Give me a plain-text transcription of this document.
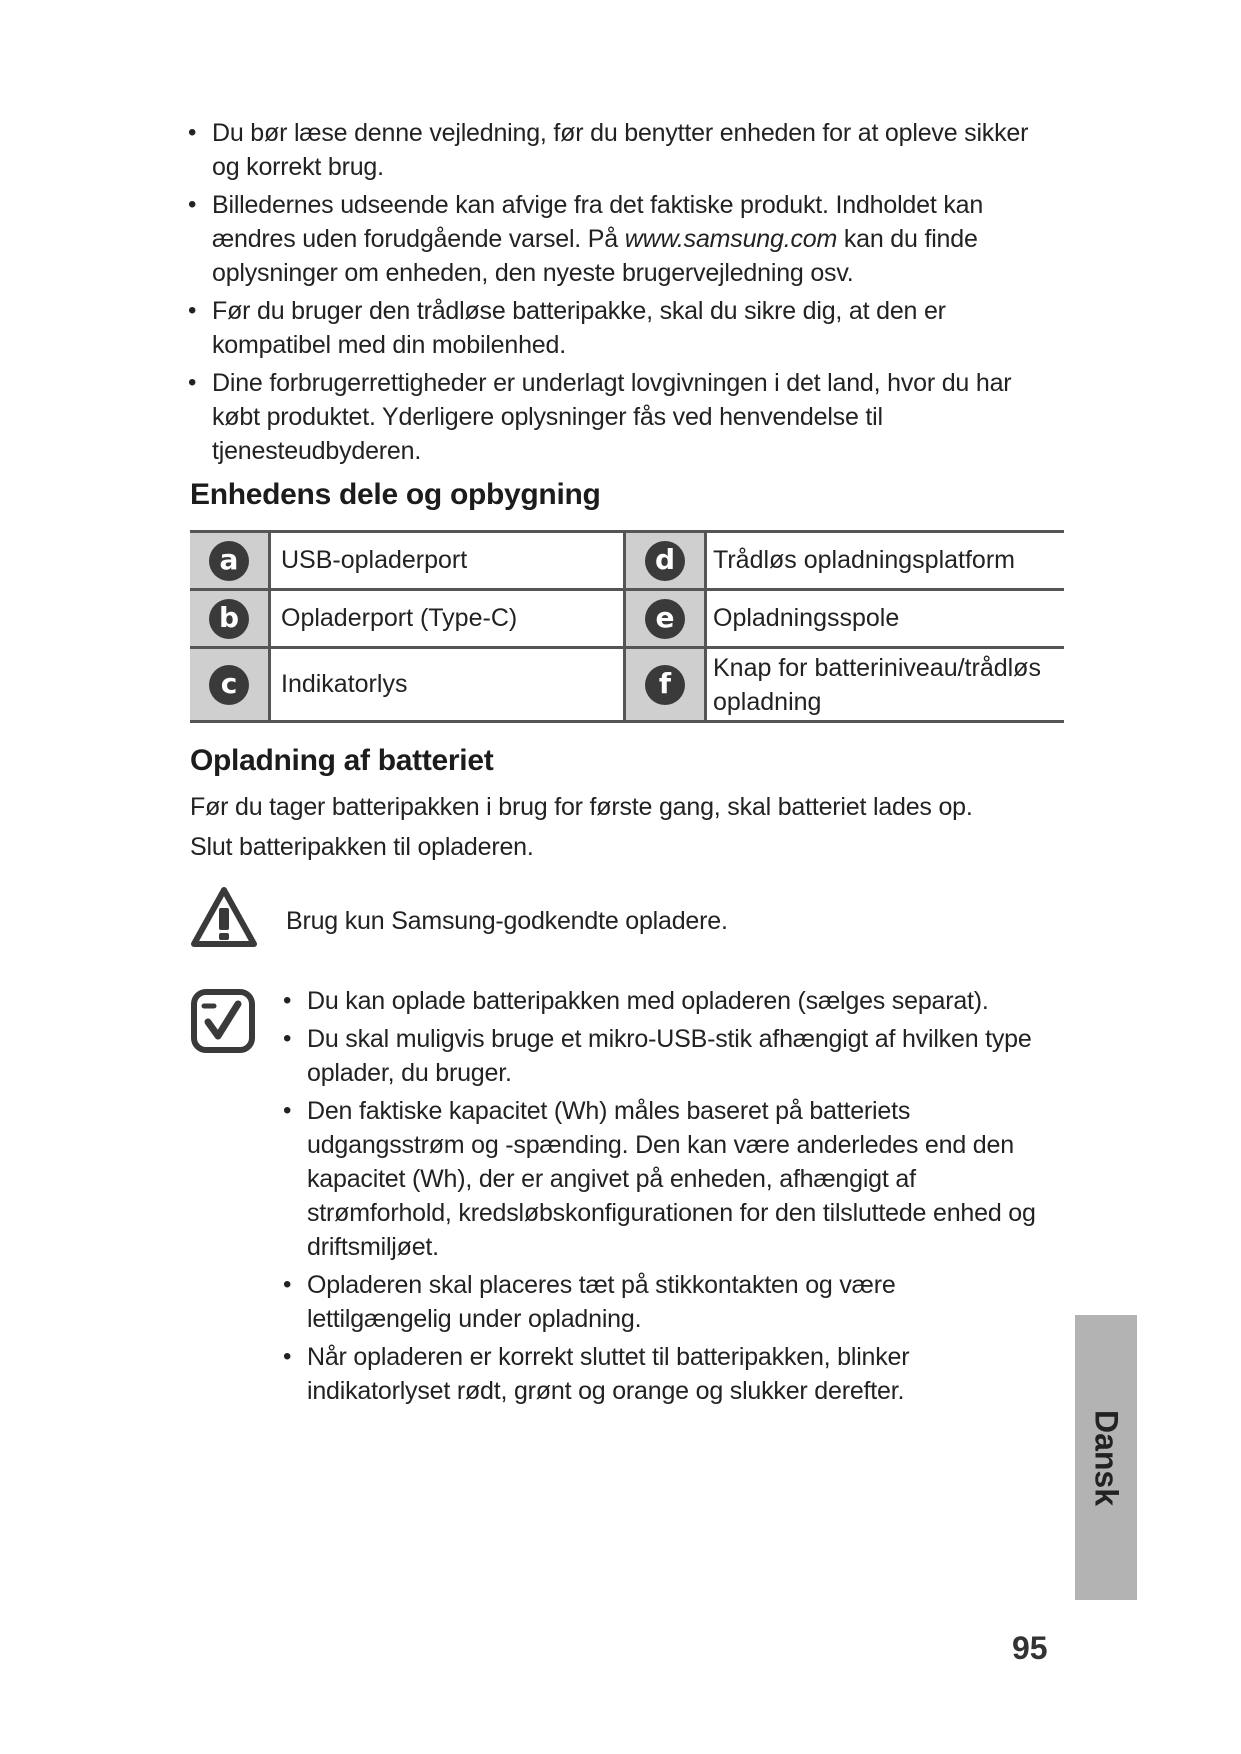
• Du bør læse denne vejledning, før du benytter enheden for at opleve sikker og korrekt brug.
• Billedernes udseende kan afvige fra det faktiske produkt. Indholdet kan ændres uden forudgående varsel. På www.samsung.com kan du finde oplysninger om enheden, den nyeste brugervejledning osv.
• Før du bruger den trådløse batteripakke, skal du sikre dig, at den er kompatibel med din mobilenhed.
• Dine forbrugerrettigheder er underlagt lovgivningen i det land, hvor du har købt produktet. Yderligere oplysninger fås ved henvendelse til tjenesteudbyderen.
Enhedens dele og opbygning
a	USB-opladerport	d	Trådløs opladningsplatform
b	Opladerport (Type-C)	e	Opladningsspole
c	Indikatorlys	f	Knap for batteriniveau/trådløs opladning
Opladning af batteriet
Før du tager batteripakken i brug for første gang, skal batteriet lades op.
Slut batteripakken til opladeren.
Brug kun Samsung-godkendte opladere.
• Du kan oplade batteripakken med opladeren (sælges separat).
• Du skal muligvis bruge et mikro-USB-stik afhængigt af hvilken type oplader, du bruger.
• Den faktiske kapacitet (Wh) måles baseret på batteriets udgangsstrøm og -spænding. Den kan være anderledes end den kapacitet (Wh), der er angivet på enheden, afhængigt af strømforhold, kredsløbskonfigurationen for den tilsluttede enhed og driftsmiljøet.
• Opladeren skal placeres tæt på stikkontakten og være lettilgængelig under opladning.
• Når opladeren er korrekt sluttet til batteripakken, blinker indikatorlyset rødt, grønt og orange og slukker derefter.
Dansk
95
